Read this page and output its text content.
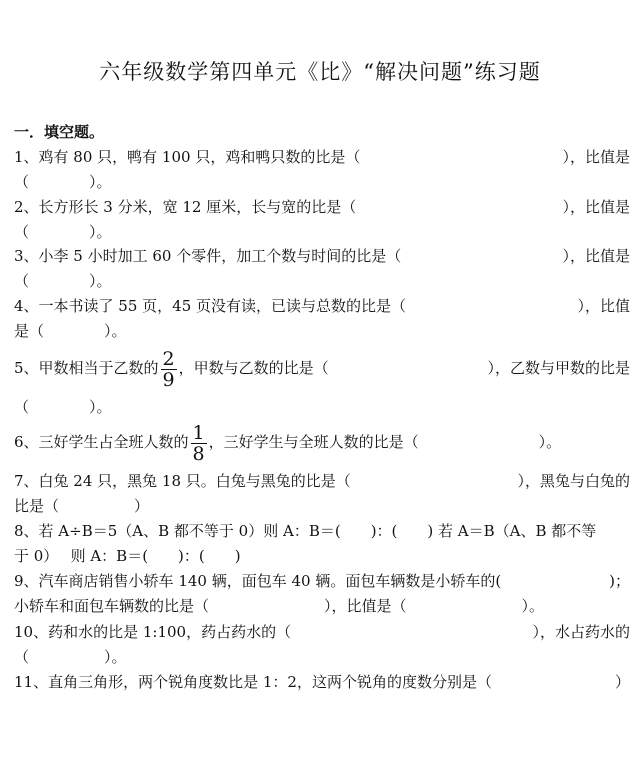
六年级数学第四单元《比》“解决问题”练习题
一．填空题。
1、鸡有 80 只，鸭有 100 只，鸡和鸭只数的比是（	），比值是
（　　　　）。
2、长方形长 3 分米，宽 12 厘米，长与宽的比是（	），比值是
（　　　　）。
3、小李 5 小时加工 60 个零件，加工个数与时间的比是（	），比值是
（　　　　）。
4、一本书读了 55 页，45 页没有读，已读与总数的比是（	），比值
是（　　　　）。
5、甲数相当于乙数的 $\frac{2}{9}$ ，甲数与乙数的比是（	），乙数与甲数的比是
（　　　　）。
6、三好学生占全班人数的 $\frac{1}{8}$ ，三好学生与全班人数的比是（	）。
7、白兔 24 只，黑兔 18 只。白兔与黑兔的比是（	），黑兔与白兔的
比是（　　　　　）
8、若 A÷B＝5（A、B 都不等于 0）则 A：B＝(　　)：(　　) 若 A＝B（A、B 都不等
于 0）　 则 A：B＝(　　)：(　　)
9、汽车商店销售小轿车 140 辆，面包车 40 辆。面包车辆数是小轿车的(	)；
小轿车和面包车辆数的比是（	），比值是（	）。
10、药和水的比是 1:100，药占药水的（	），水占药水的
（　　　　　）。
11、直角三角形，两个锐角度数比是 1：2，这两个锐角的度数分别是（	）
